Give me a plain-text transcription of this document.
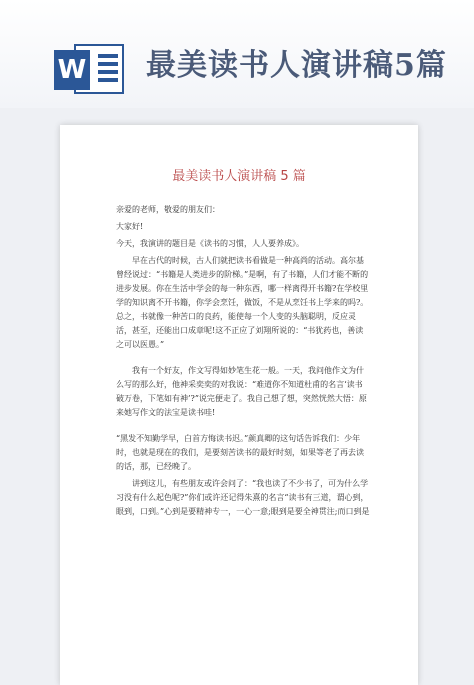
W 最美读书人演讲稿5篇
最美读书人演讲稿 5 篇

亲爱的老师，敬爱的朋友们：

大家好!

今天，我演讲的题目是《读书的习惯，人人要养成》。

早在古代的时候，古人们就把读书看做是一种高尚的活动。高尔基曾经说过：“书籍是人类进步的阶梯。”是啊，有了书籍，人们才能不断的进步发展。你在生活中学会的每一种东西，哪一样离得开书籍?在学校里学的知识离不开书籍，你学会烹饪，做饭，不是从烹饪书上学来的吗?。总之，书就像一种苦口的良药，能使每一个人变的头脑聪明，反应灵活，甚至，还能出口成章呢!这不正应了刘翔所说的：“书犹药也，善读之可以医愚。”

我有一个好友，作文写得如妙笔生花一般。一天，我问他作文为什么写的那么好，他神采奕奕的对我说：“难道你不知道杜甫的名言‘读书破万卷，下笔如有神’?”说完便走了。我自己想了想，突然恍然大悟：原来她写作文的法宝是读书哇!

“黑发不知勤学早，白首方悔读书迟。”颜真卿的这句话告诉我们：少年时，也就是现在的我们，是要刻苦读书的最好时刻，如果等老了再去读的话，那，已经晚了。

讲到这儿，有些朋友或许会问了：“我也读了不少书了，可为什么学习没有什么起色呢?”你们或许还记得朱熹的名言“读书有三道，谓心到，眼到，口到。”心到是要精神专一，一心一意;眼到是要全神贯注;而口到是
